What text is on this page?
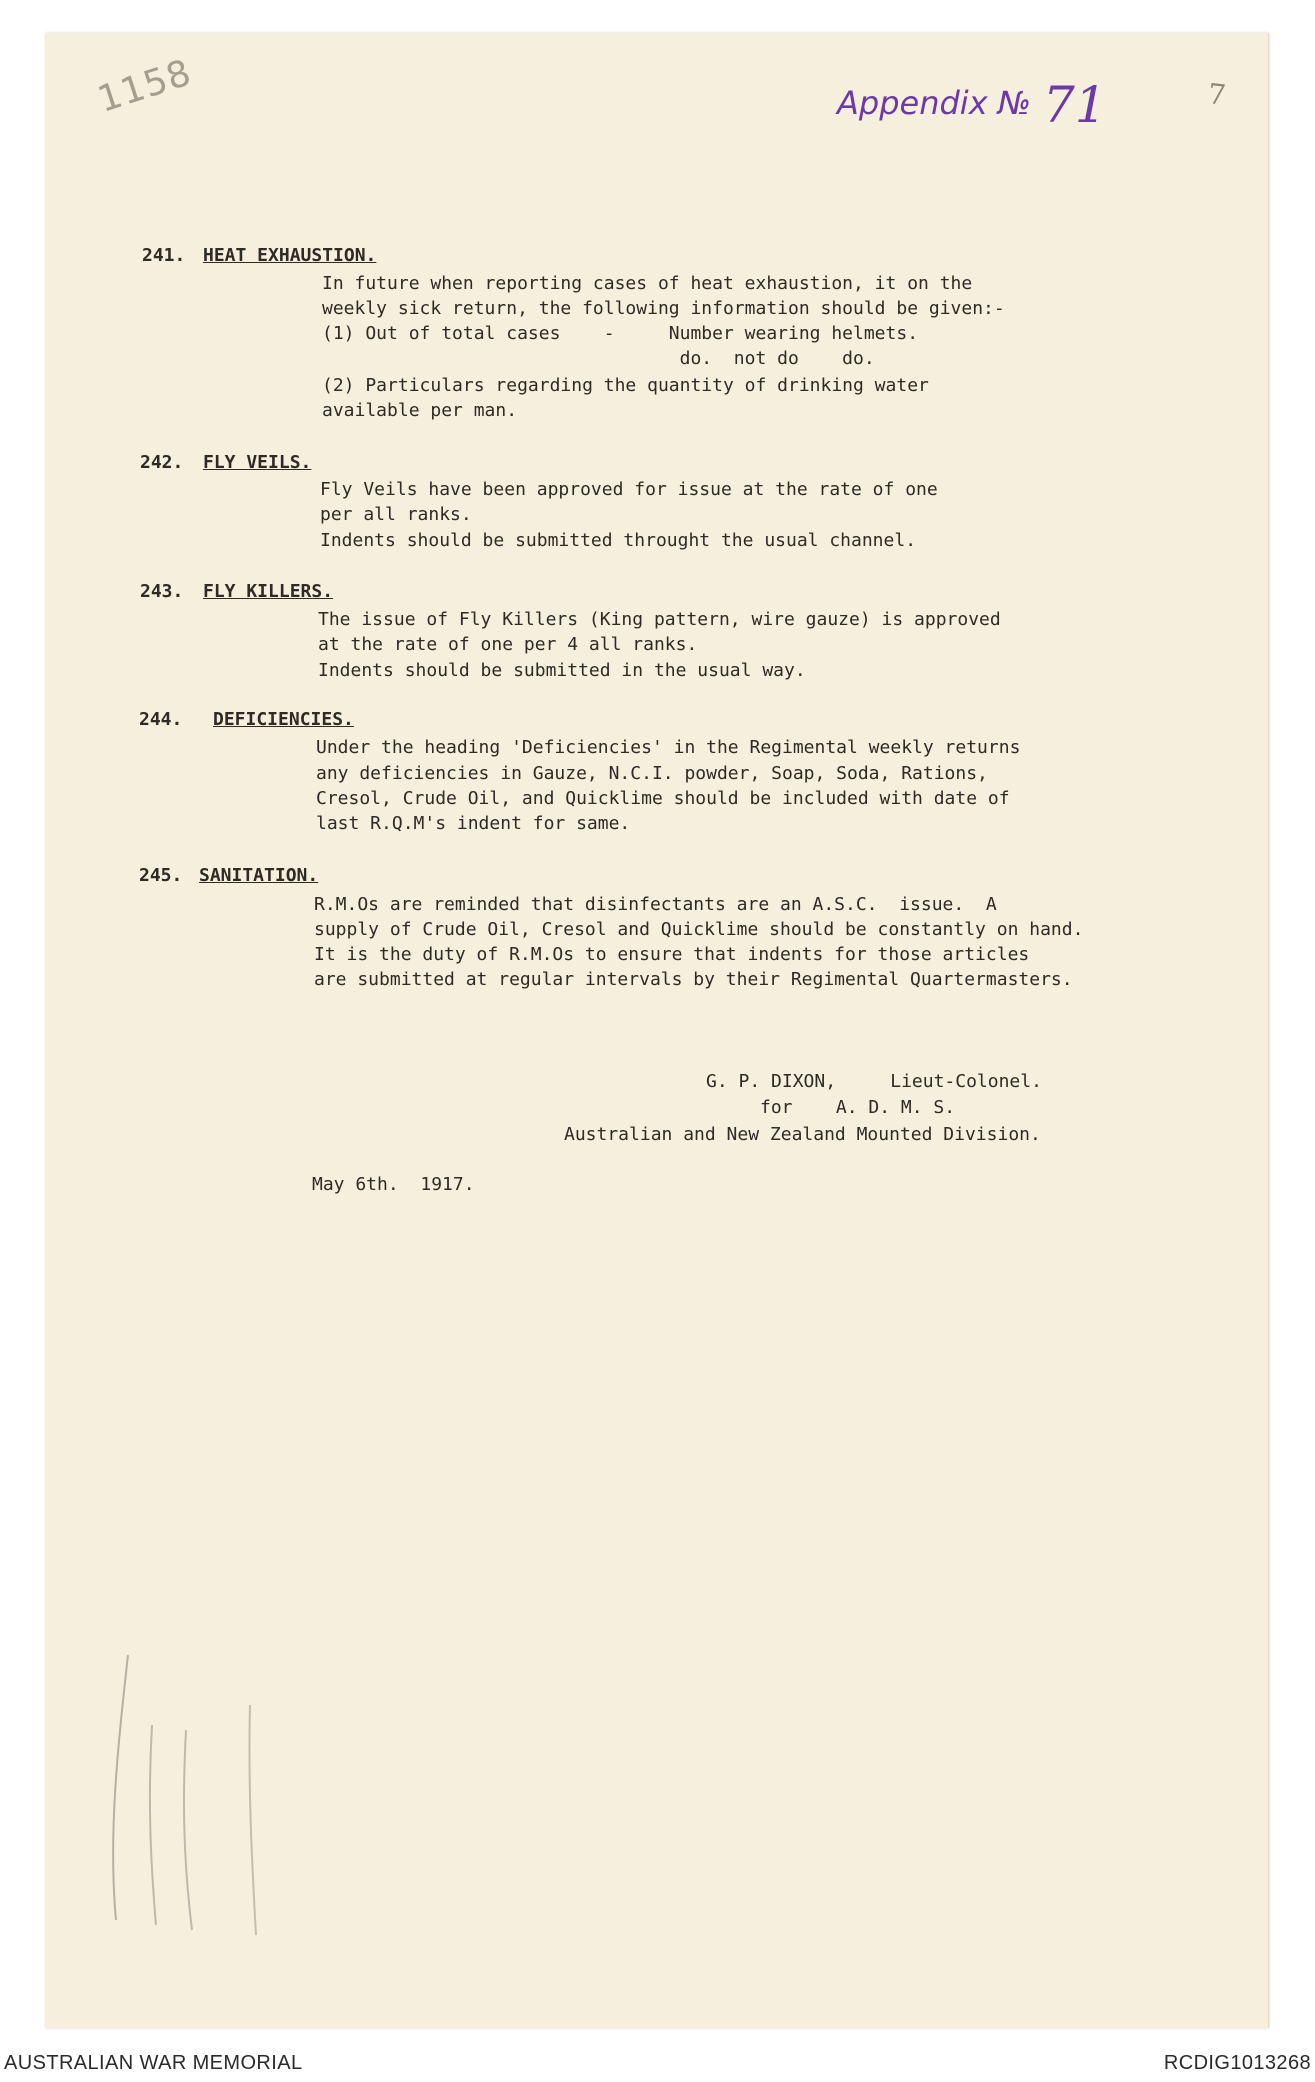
1158	7
Appendix № 71
241. HEAT EXHAUSTION.
In future when reporting cases of heat exhaustion, it on the
weekly sick return, the following information should be given:-
(1) Out of total cases    -     Number wearing helmets.
do.  not do    do.
(2) Particulars regarding the quantity of drinking water
available per man.
242. FLY VEILS.
Fly Veils have been approved for issue at the rate of one
per all ranks.
Indents should be submitted throught the usual channel.
243. FLY KILLERS.
The issue of Fly Killers (King pattern, wire gauze) is approved
at the rate of one per 4 all ranks.
Indents should be submitted in the usual way.
244. DEFICIENCIES.
Under the heading 'Deficiencies' in the Regimental weekly returns
any deficiencies in Gauze, N.C.I. powder, Soap, Soda, Rations,
Cresol, Crude Oil, and Quicklime should be included with date of
last R.Q.M's indent for same.
245. SANITATION.
R.M.Os are reminded that disinfectants are an A.S.C.  issue.  A
supply of Crude Oil, Cresol and Quicklime should be constantly on hand.
It is the duty of R.M.Os to ensure that indents for those articles
are submitted at regular intervals by their Regimental Quartermasters.
G. P. DIXON,     Lieut-Colonel.
for    A. D. M. S.
Australian and New Zealand Mounted Division.
May 6th.  1917.
AUSTRALIAN WAR MEMORIAL	RCDIG1013268
